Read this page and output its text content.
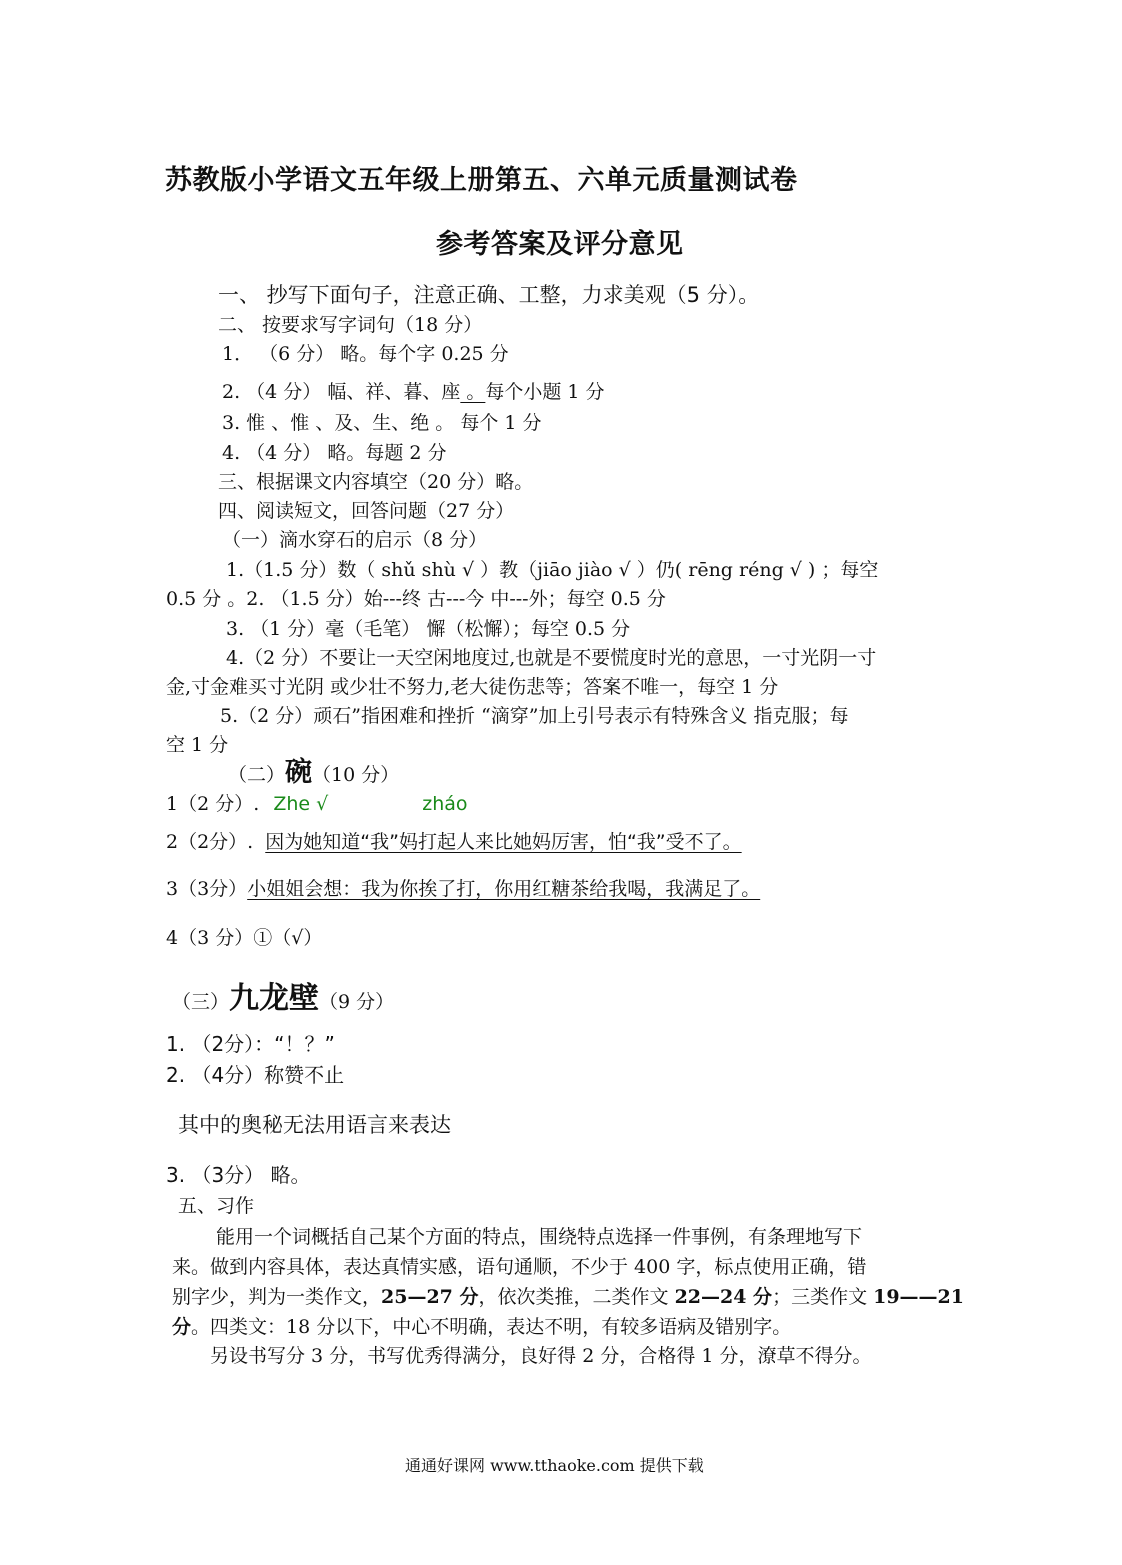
苏教版小学语文五年级上册第五、六单元质量测试卷
参考答案及评分意见
一、 抄写下面句子，注意正确、工整，力求美观（5 分）。
二、 按要求写字词句（18 分）
1． （6 分） 略。每个字 0.25 分
2. （4 分） 幅、祥、暮、座 。每个小题 1 分
3. 惟 、惟 、及、生、绝 。 每个 1 分
4. （4 分） 略。每题 2 分
三、根据课文内容填空（20 分）略。
四、阅读短文，回答问题（27 分）
（一）滴水穿石的启示（8 分）
1.（1.5 分）数（ shǔ shù √ ）教（jiāo jiào √ ）仍( rēng réng √ ) ；每空
0.5 分 。2. （1.5 分）始---终 古---今 中---外；每空 0.5 分
3. （1 分）毫（毛笔） 懈（松懈）；每空 0.5 分
4.（2 分）不要让一天空闲地度过,也就是不要慌度时光的意思，一寸光阴一寸
金,寸金难买寸光阴 或少壮不努力,老大徒伤悲等；答案不唯一，每空 1 分
5.（2 分）顽石”指困难和挫折 “滴穿”加上引号表示有特殊含义 指克服；每
空 1 分
（二）碗（10 分）
1（2 分）. Zhe √	zháo
2（2分）. 因为她知道“我”妈打起人来比她妈厉害，怕“我”受不了。
3（3分）小姐姐会想：我为你挨了打，你用红糖茶给我喝，我满足了。
4（3 分）①（√）
（三）九龙壁（9 分）
1. （2分）：“！？”
2. （4分）称赞不止
其中的奥秘无法用语言来表达
3. （3分） 略。
五、习作
能用一个词概括自己某个方面的特点，围绕特点选择一件事例，有条理地写下
来。做到内容具体，表达真情实感，语句通顺，不少于 400 字，标点使用正确，错
别字少，判为一类作文，25—27 分，依次类推，二类作文 22—24 分；三类作文 19——21
分。四类文：18 分以下，中心不明确，表达不明，有较多语病及错别字。
另设书写分 3 分，书写优秀得满分，良好得 2 分，合格得 1 分，潦草不得分。
通通好课网 www.tthaoke.com 提供下载
